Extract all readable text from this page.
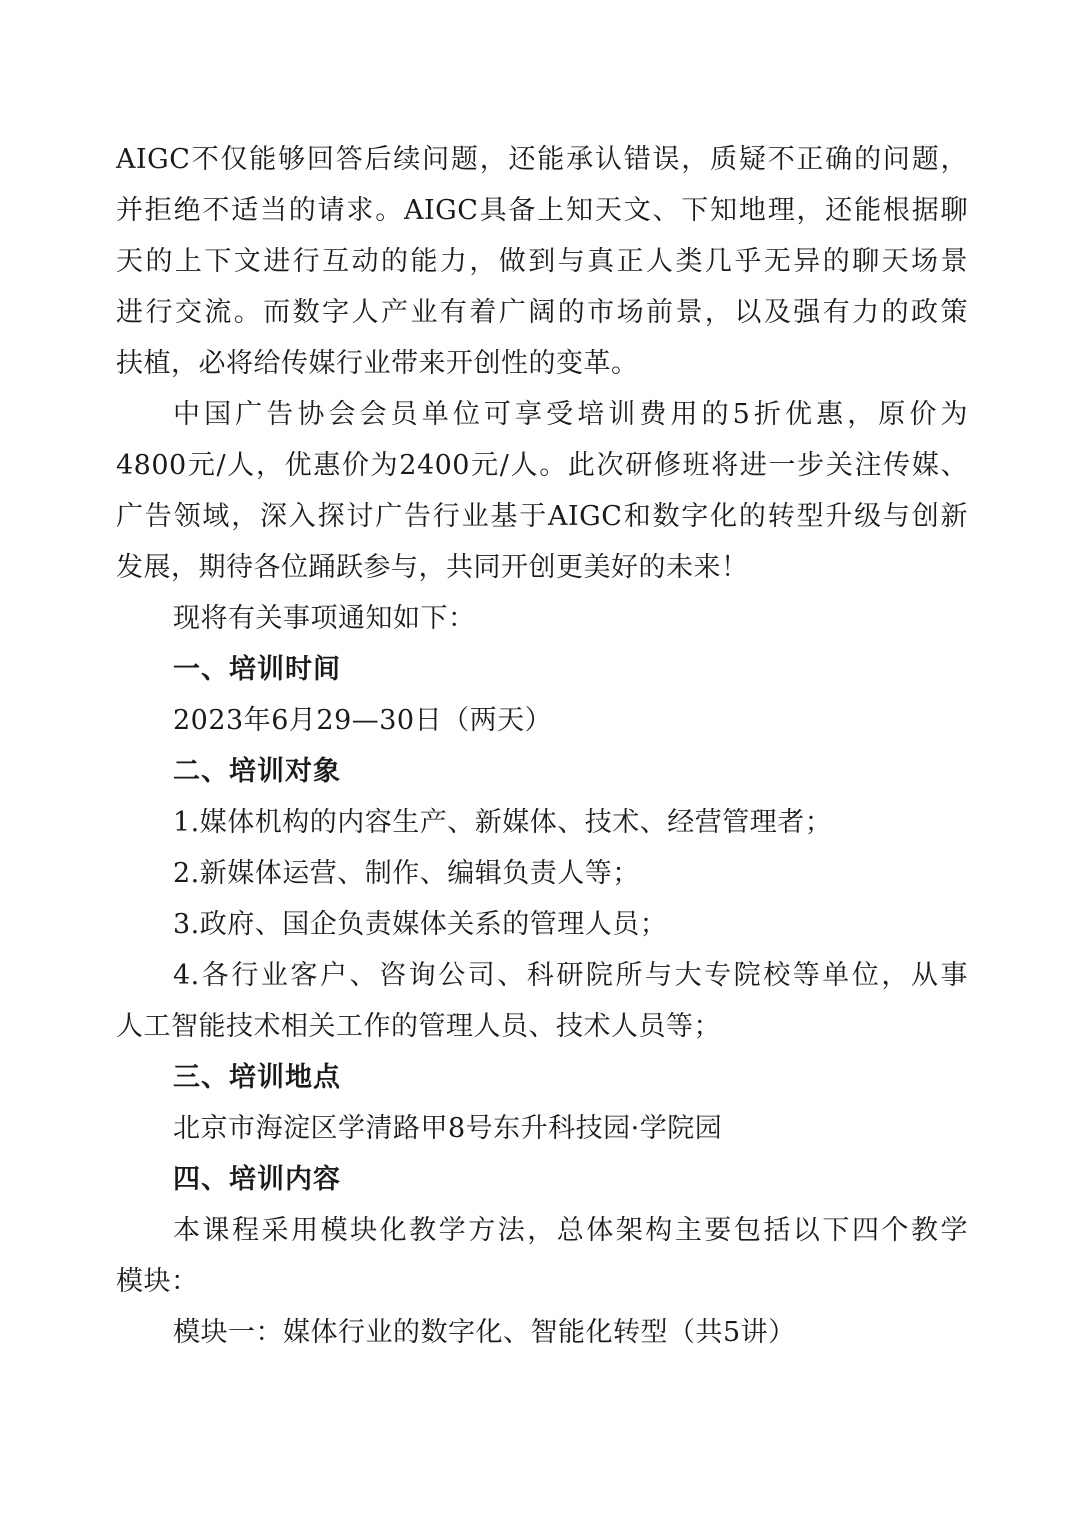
AIGC不仅能够回答后续问题，还能承认错误，质疑不正确的问题，
并拒绝不适当的请求。AIGC具备上知天文、下知地理，还能根据聊
天的上下文进行互动的能力，做到与真正人类几乎无异的聊天场景
进行交流。而数字人产业有着广阔的市场前景，以及强有力的政策
扶植，必将给传媒行业带来开创性的变革。
中国广告协会会员单位可享受培训费用的5折优惠，原价为
4800元/人，优惠价为2400元/人。此次研修班将进一步关注传媒、
广告领域，深入探讨广告行业基于AIGC和数字化的转型升级与创新
发展，期待各位踊跃参与，共同开创更美好的未来！
现将有关事项通知如下：
一、培训时间
2023年6月29—30日（两天）
二、培训对象
1.媒体机构的内容生产、新媒体、技术、经营管理者；
2.新媒体运营、制作、编辑负责人等；
3.政府、国企负责媒体关系的管理人员；
4.各行业客户、咨询公司、科研院所与大专院校等单位，从事
人工智能技术相关工作的管理人员、技术人员等；
三、培训地点
北京市海淀区学清路甲8号东升科技园·学院园
四、培训内容
本课程采用模块化教学方法，总体架构主要包括以下四个教学
模块：
模块一：媒体行业的数字化、智能化转型（共5讲）
